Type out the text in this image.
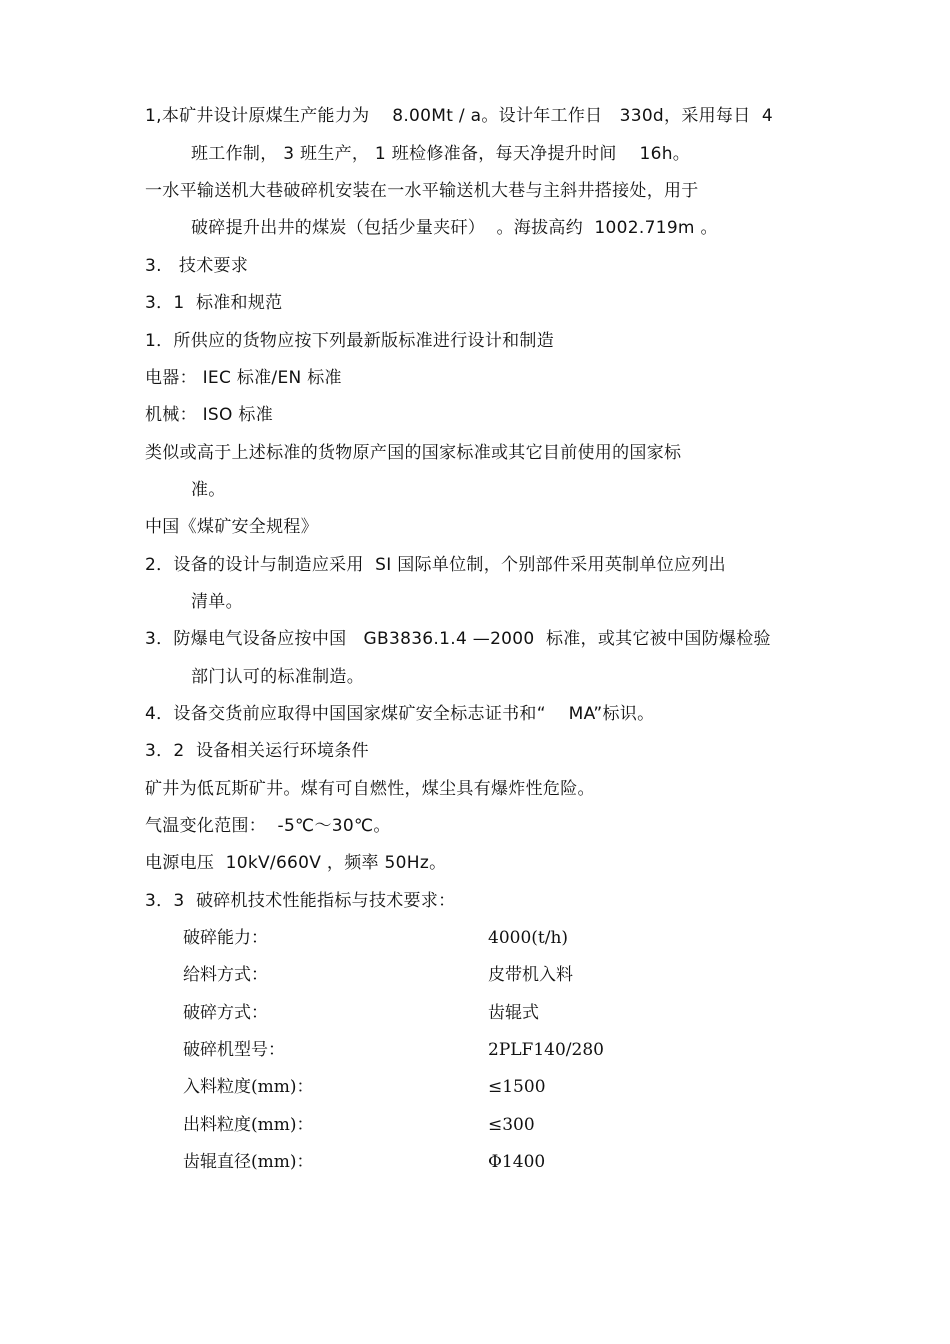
1,本矿井设计原煤生产能力为    8.00Mt / a。设计年工作日   330d，采用每日  4
班工作制， 3 班生产， 1 班检修准备，每天净提升时间    16h。
一水平输送机大巷破碎机安装在一水平输送机大巷与主斜井搭接处，用于
破碎提升出井的煤炭（包括少量夹矸）  。海拔高约  1002.719m 。
3.   技术要求
3．1  标准和规范
1．所供应的货物应按下列最新版标准进行设计和制造
电器： IEC 标准/EN 标准
机械： ISO 标准
类似或高于上述标准的货物原产国的国家标准或其它目前使用的国家标
准。
中国《煤矿安全规程》
2．设备的设计与制造应采用  SI 国际单位制，个别部件采用英制单位应列出
清单。
3．防爆电气设备应按中国   GB3836.1.4 —2000  标准，或其它被中国防爆检验
部门认可的标准制造。
4．设备交货前应取得中国国家煤矿安全标志证书和“    MA”标识。
3．2  设备相关运行环境条件
矿井为低瓦斯矿井。煤有可自燃性，煤尘具有爆炸性危险。
气温变化范围：  -5℃～30℃。
电源电压  10kV/660V ，频率 50Hz。
3．3  破碎机技术性能指标与技术要求：
破碎能力：	4000(t/h)
给料方式：	皮带机入料
破碎方式：	齿辊式
破碎机型号：	2PLF140/280
入料粒度(mm)：	≤1500
出料粒度(mm)：	≤300
齿辊直径(mm)：	Φ1400
